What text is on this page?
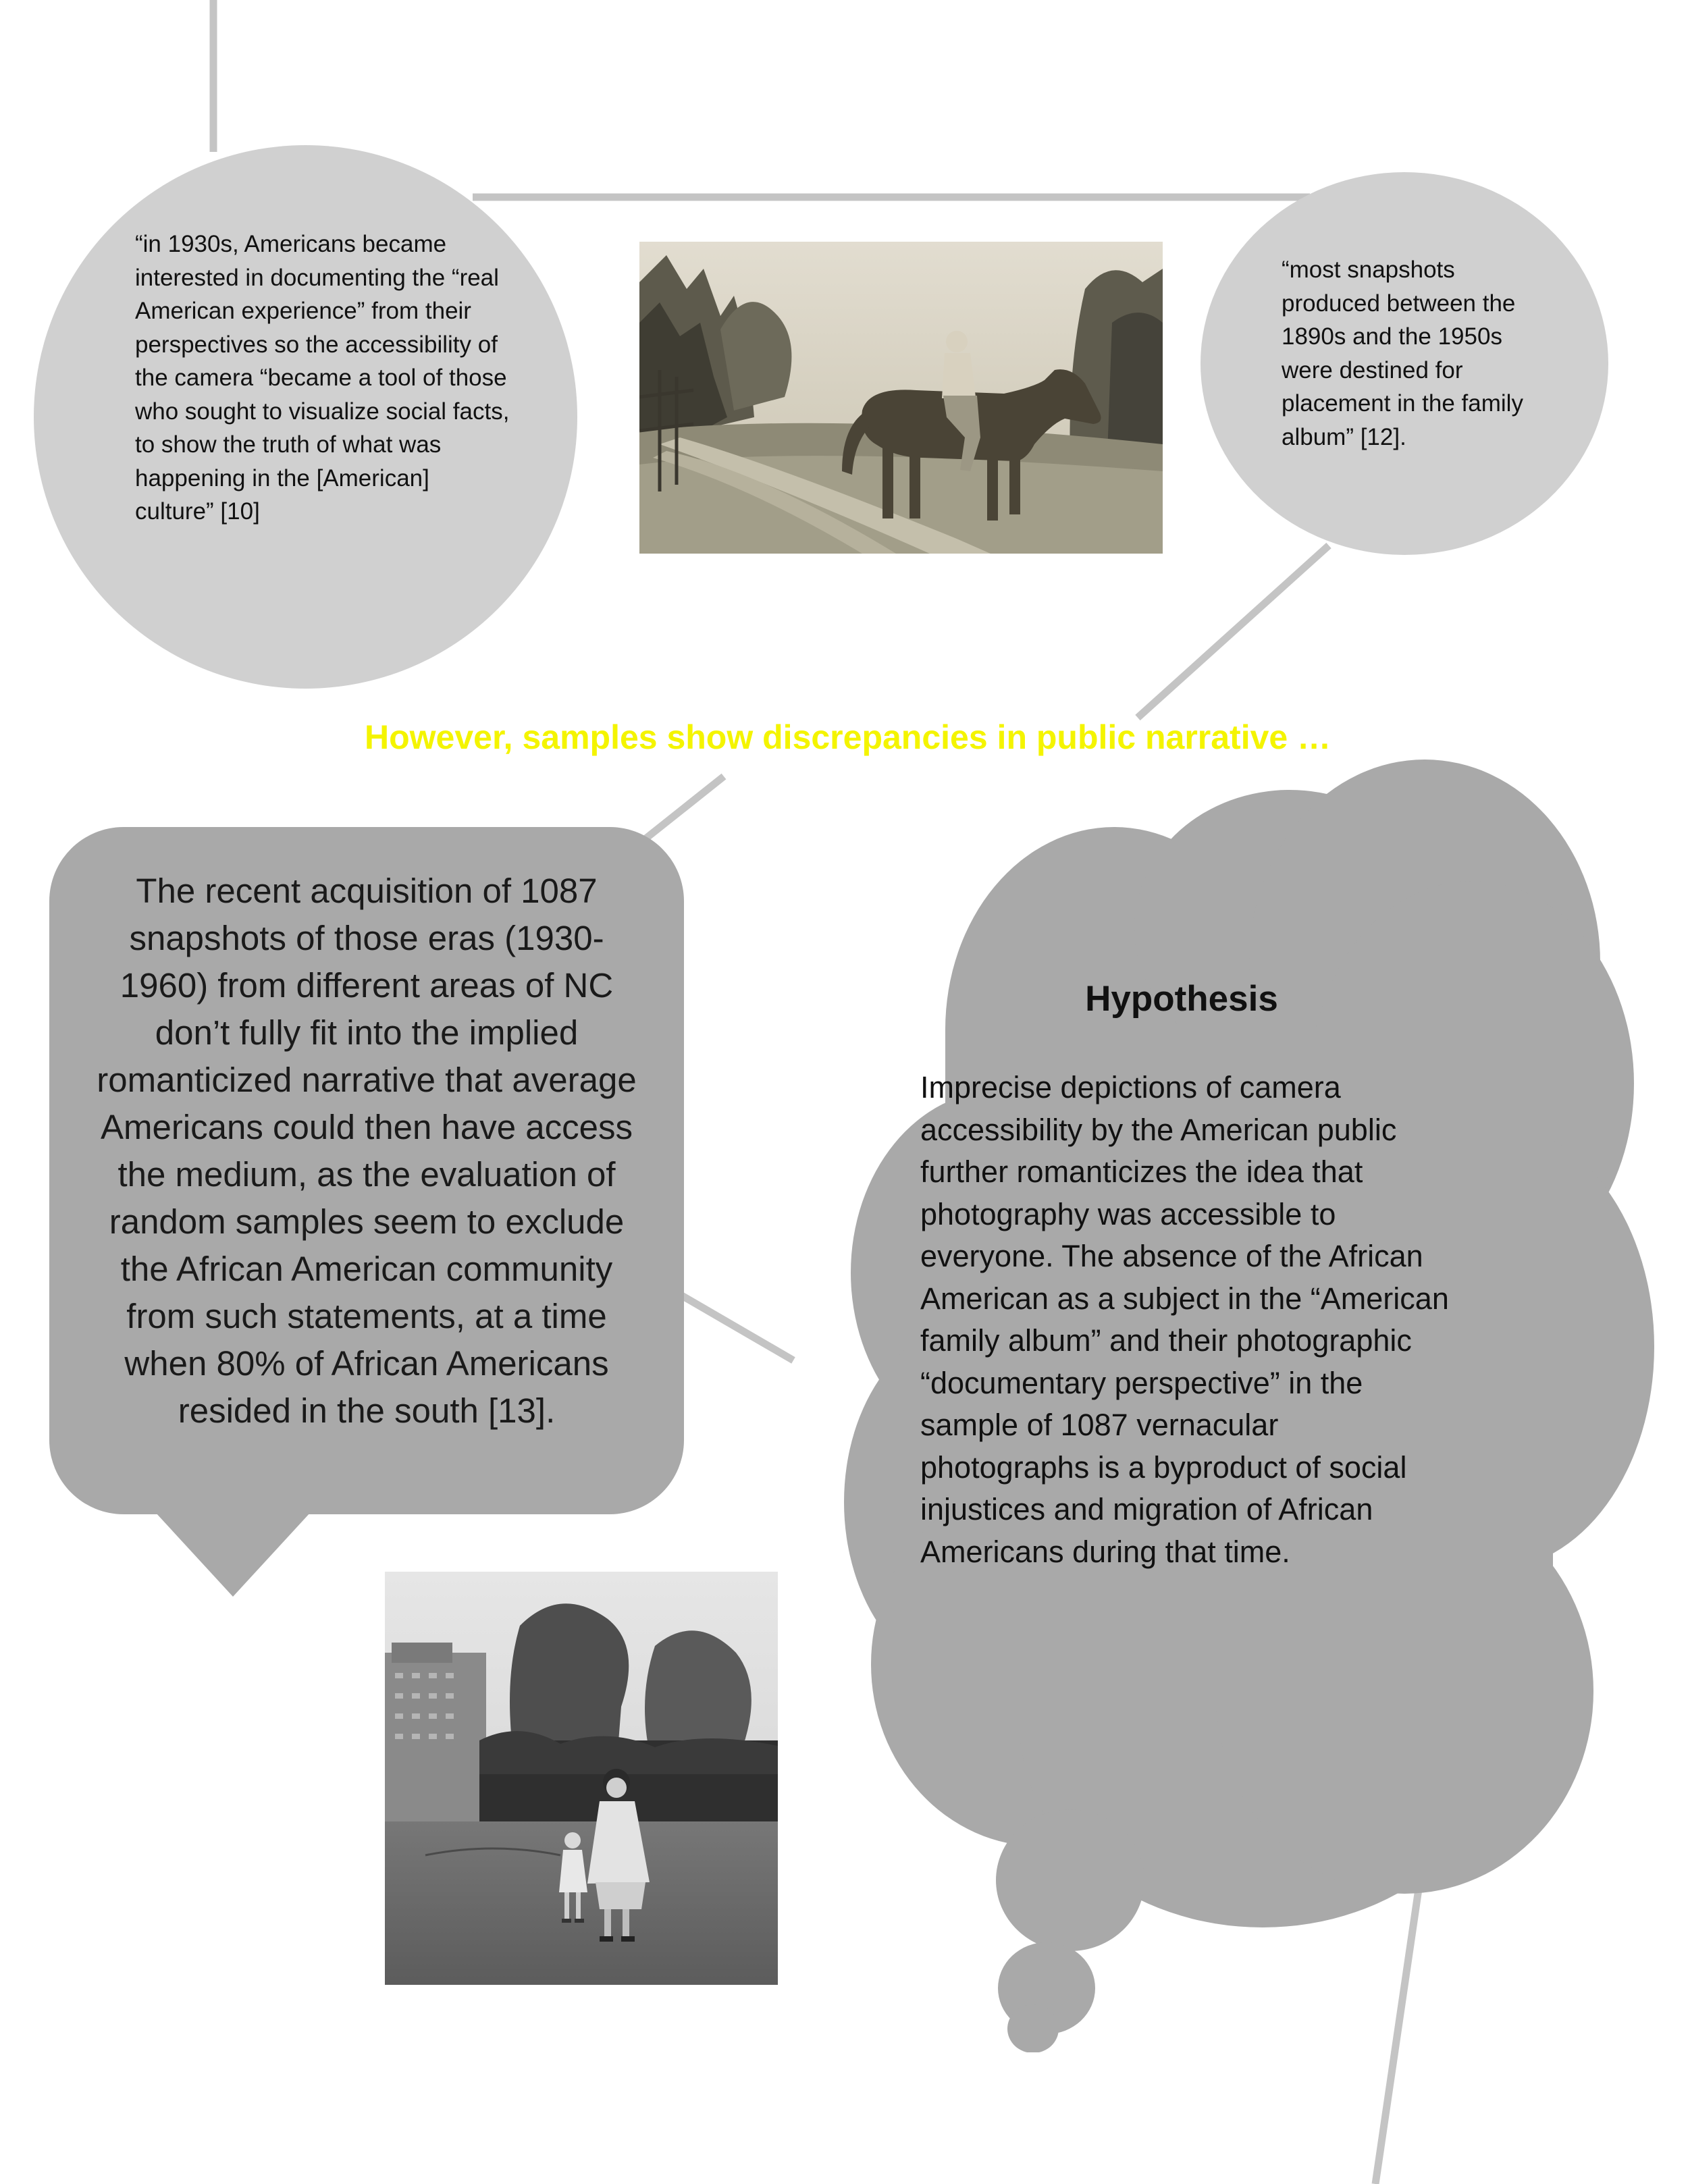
“in 1930s, Americans became interested in documenting the “real American experience” from their perspectives so the accessibility of the camera “became a tool of those who sought to visualize social facts, to show the truth of what was happening in the [American] culture” [10]
“most snapshots produced between the 1890s and the 1950s were destined for placement in the family album” [12].
However, samples show discrepancies in public narrative …
The recent acquisition of 1087 snapshots of those eras (1930-1960) from different areas of NC don’t fully fit into the implied romanticized narrative that average Americans could then have access the medium, as the evaluation of random samples seem to exclude the African American community from such statements, at a time when 80% of African Americans resided in the south [13].
Hypothesis
Imprecise depictions of camera accessibility by the American public further romanticizes the idea that photography was accessible to everyone. The absence of the African American as a subject in the “American family album” and their photographic “documentary perspective” in the sample of 1087 vernacular photographs is a byproduct of social injustices and migration of African Americans during that time.
